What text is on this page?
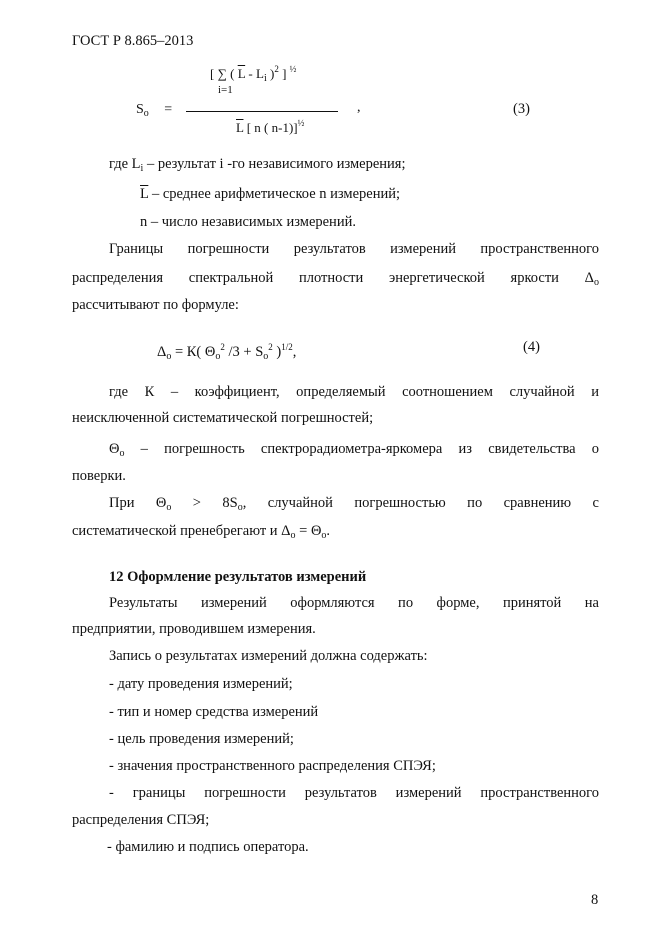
ГОСТ Р 8.865–2013
[ ∑ ( $\overline{L} - L_i$ )$^2$ ] $^{\frac{1}{2}}$
i=1
$S_o$ =	,	(3)
$\overline{L}$ [ n ( n-1)]$^{\frac{1}{2}}$
где $L_i$ – результат i -го независимого измерения;
$\overline{L}$ – среднее арифметическое n измерений;
n – число независимых измерений.
Границы погрешности результатов измерений пространственного
распределения спектральной плотности энергетической яркости $\Delta_o$
рассчитывают по формуле:
$\Delta_o = К$( $\Theta_o^2$ $/3 + S_o^2$ )$^{1/2}$,	(4)
где К – коэффициент, определяемый соотношением случайной и
неисключенной систематической погрешностей;
$\Theta_o$ – погрешность спектрорадиометра-яркомера из свидетельства о
поверки.
При $\Theta_o > 8S_o$, случайной погрешностью по сравнению с
систематической пренебрегают и $\Delta_o = \Theta_o$.
12 Оформление результатов измерений
Результаты измерений оформляются по форме, принятой на
предприятии, проводившем измерения.
Запись о результатах измерений должна содержать:
- дату проведения измерений;
- тип и номер средства измерений
- цель проведения измерений;
- значения пространственного распределения СПЭЯ;
- границы погрешности результатов измерений пространственного
распределения СПЭЯ;
- фамилию и подпись оператора.
8
